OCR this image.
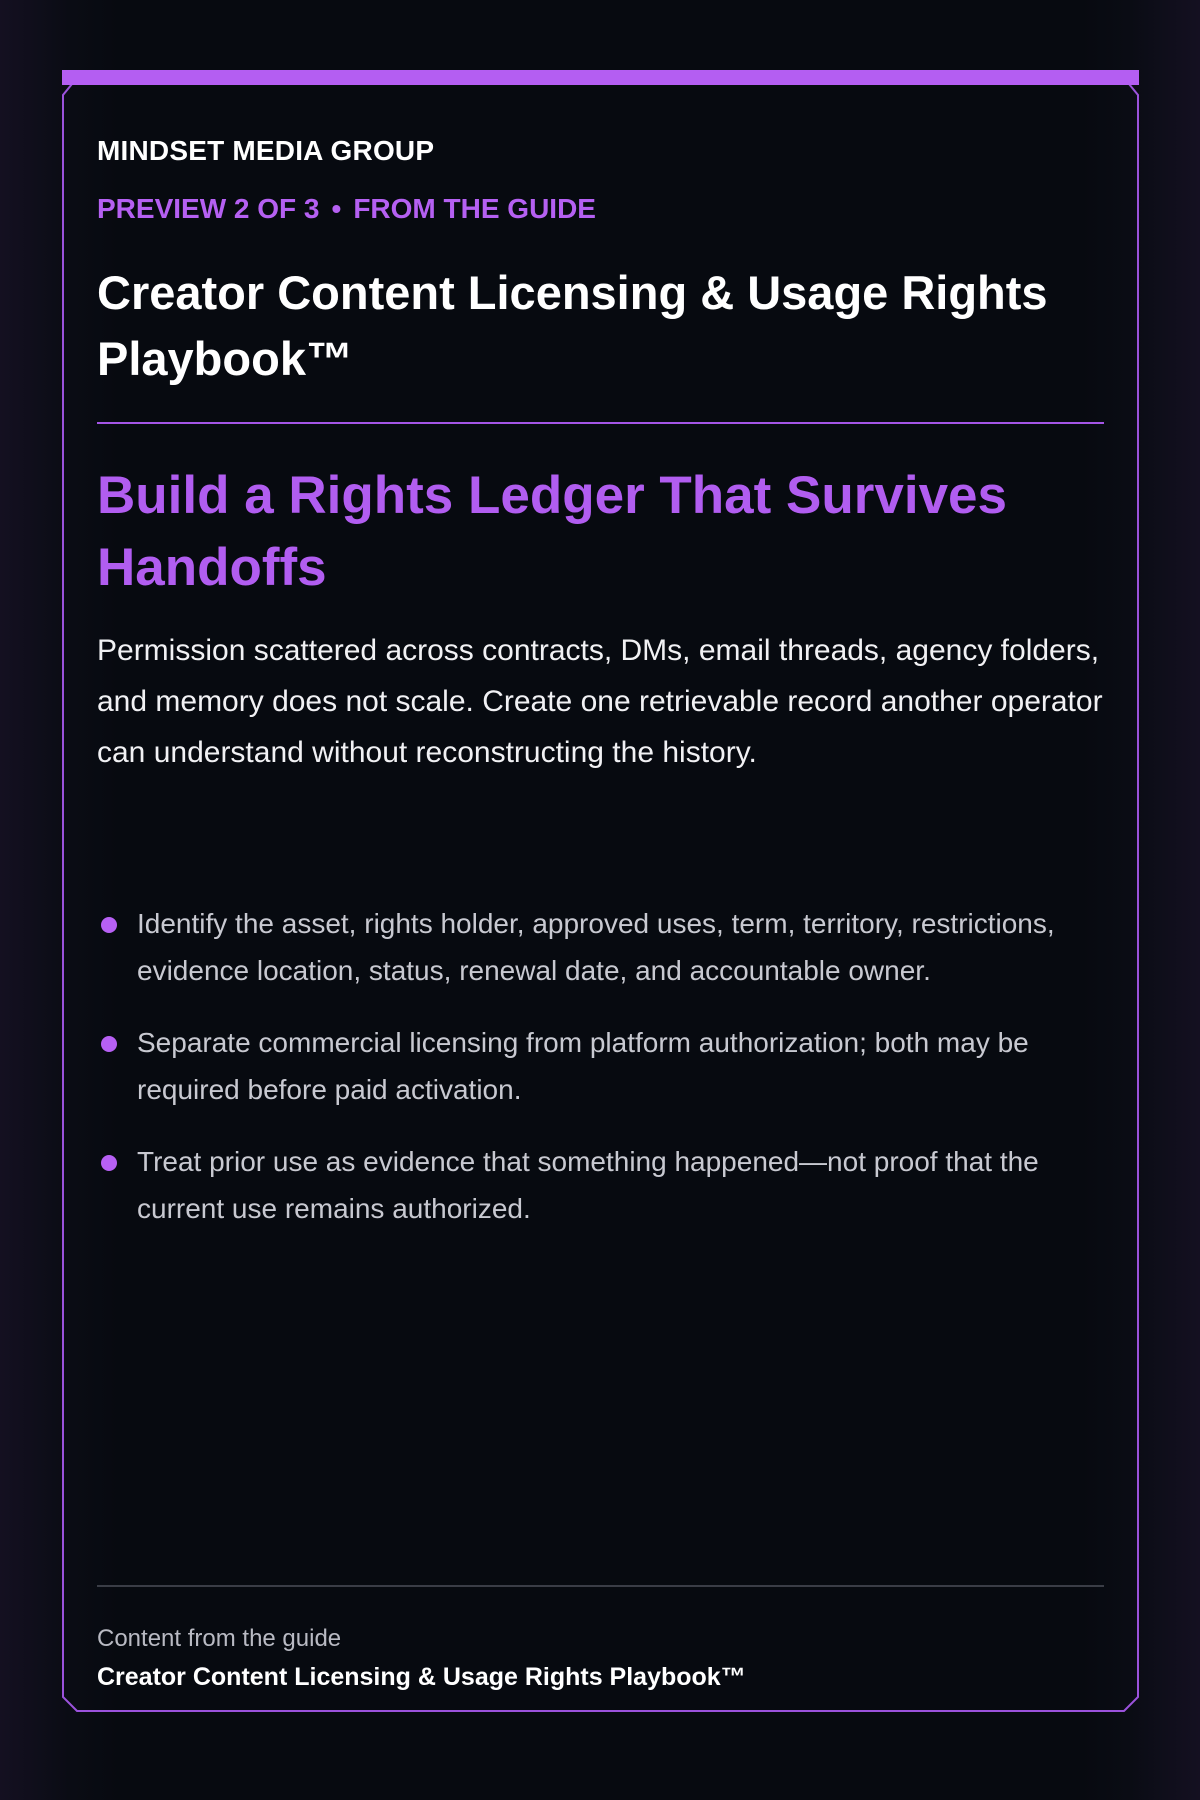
MINDSET MEDIA GROUP
PREVIEW 2 OF 3 • FROM THE GUIDE
Creator Content Licensing & Usage Rights Playbook™
Build a Rights Ledger That Survives Handoffs
Permission scattered across contracts, DMs, email threads, agency folders, and memory does not scale. Create one retrievable record another operator can understand without reconstructing the history.
Identify the asset, rights holder, approved uses, term, territory, restrictions, evidence location, status, renewal date, and accountable owner.
Separate commercial licensing from platform authorization; both may be required before paid activation.
Treat prior use as evidence that something happened—not proof that the current use remains authorized.
Content from the guide
Creator Content Licensing & Usage Rights Playbook™
